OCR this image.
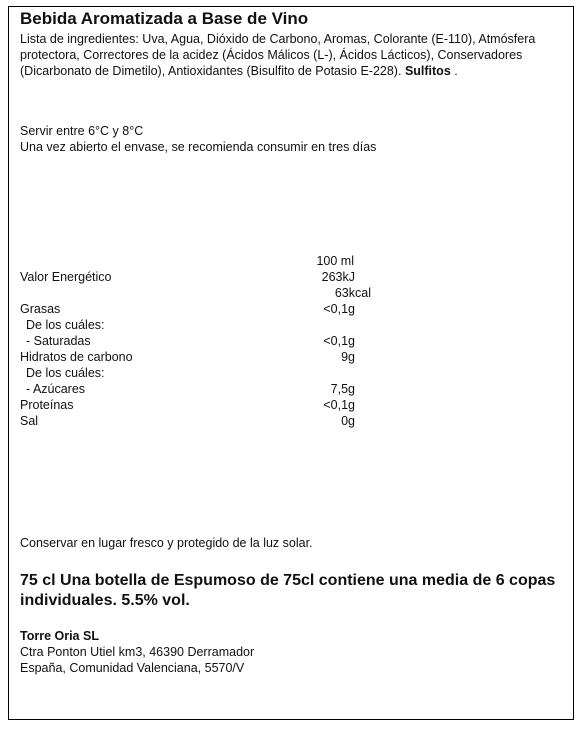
Bebida Aromatizada a Base de Vino
Lista de ingredientes: Uva, Agua, Dióxido de Carbono, Aromas, Colorante (E-110), Atmósfera protectora, Correctores de la acidez (Ácidos Málicos (L-), Ácidos Lácticos), Conservadores (Dicarbonato de Dimetilo), Antioxidantes (Bisulfito de Potasio E-228). Sulfitos .
Servir entre 6°C y 8°C
Una vez abierto el envase, se recomienda consumir en tres días
100 ml
Valor Energético	263kJ
63kcal
Grasas	<0,1g
De los cuáles:
- Saturadas	<0,1g
Hidratos de carbono	9g
De los cuáles:
- Azúcares	7,5g
Proteínas	<0,1g
Sal	0g
Conservar en lugar fresco y protegido de la luz solar.
75 cl Una botella de Espumoso de 75cl contiene una media de 6 copas individuales. 5.5% vol.
Torre Oria SL
Ctra Ponton Utiel km3, 46390 Derramador
España, Comunidad Valenciana, 5570/V
